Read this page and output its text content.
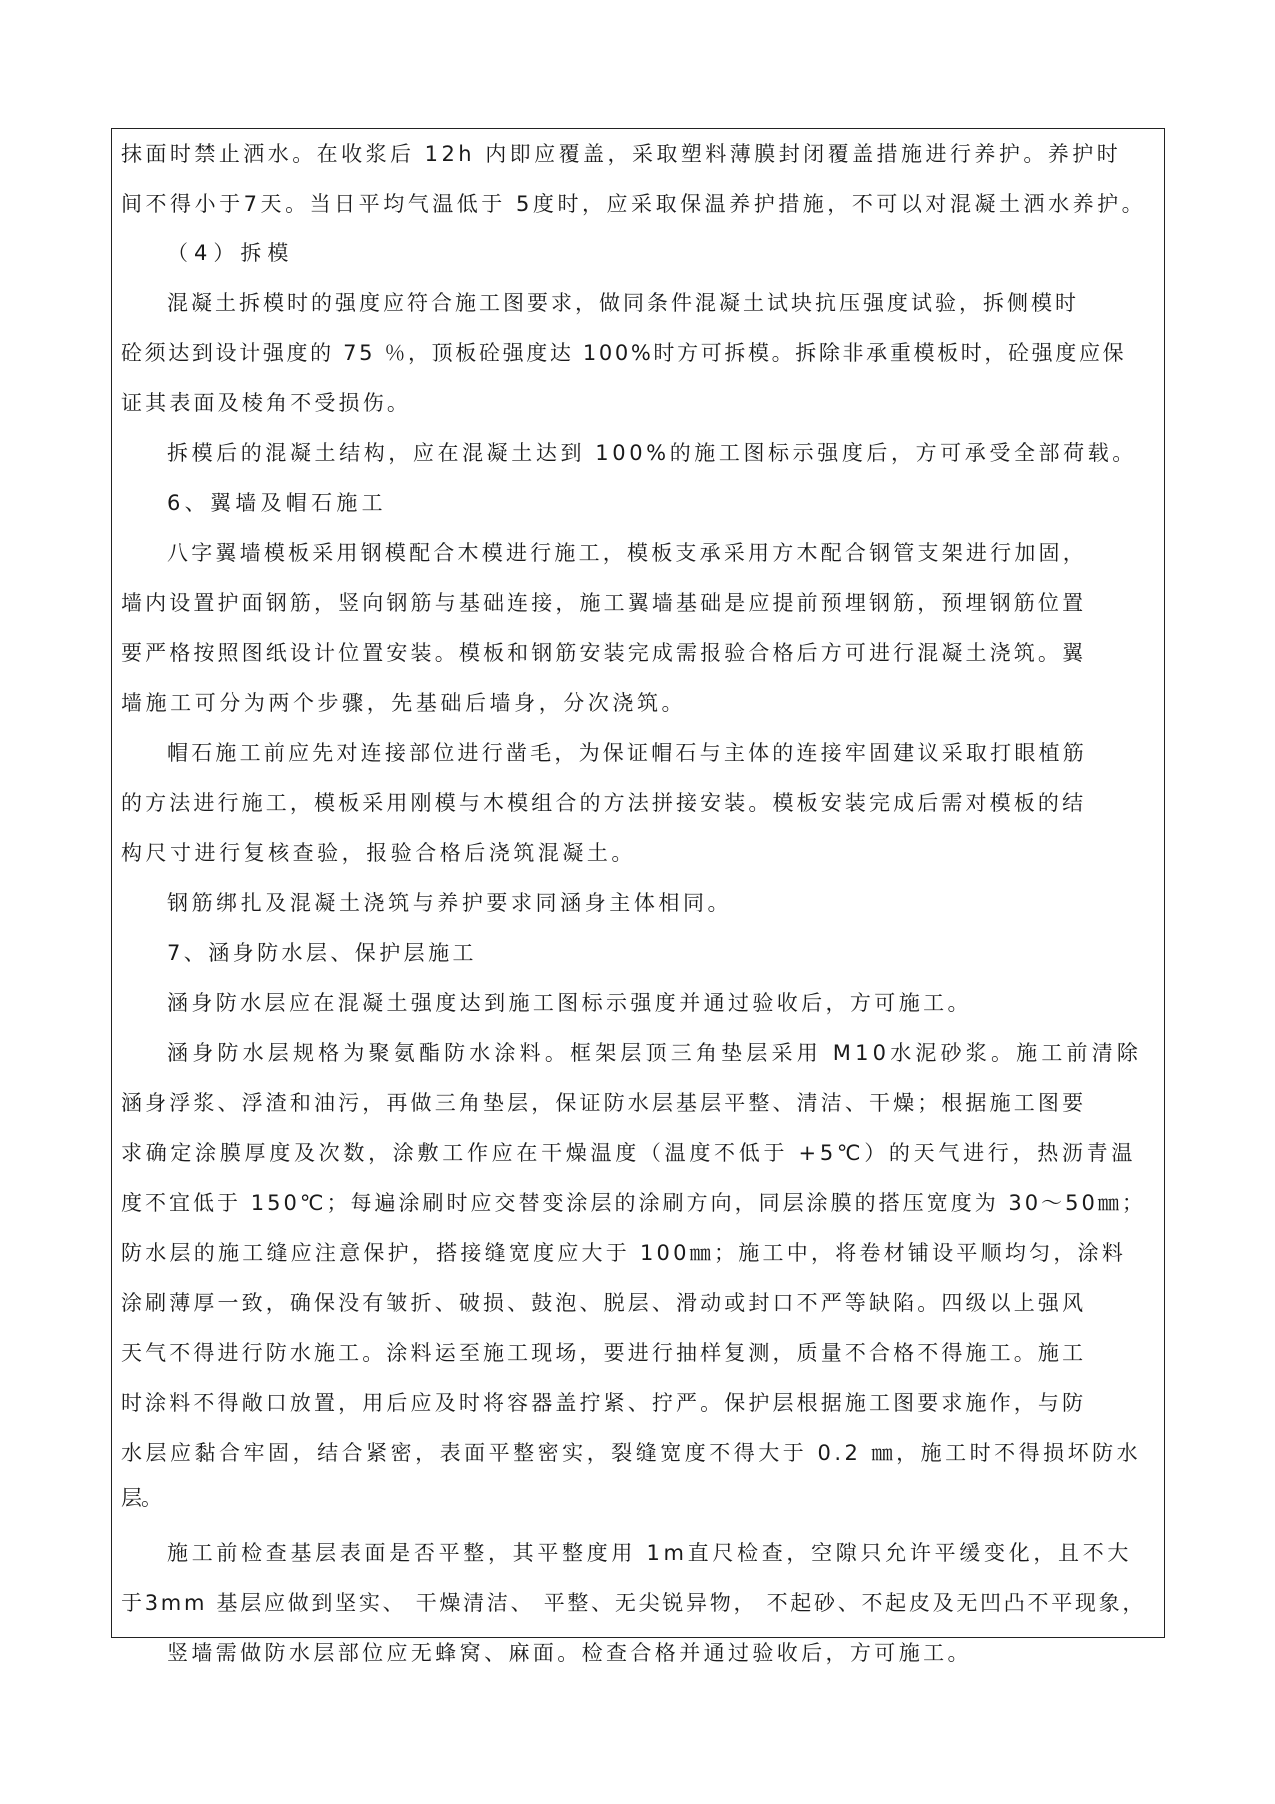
抹面时禁止洒水。在收浆后 12h 内即应覆盖，采取塑料薄膜封闭覆盖措施进行养护。养护时
间不得小于7天。当日平均气温低于 5度时，应采取保温养护措施，不可以对混凝土洒水养护。
（4）拆模
混凝土拆模时的强度应符合施工图要求，做同条件混凝土试块抗压强度试验，拆侧模时
砼须达到设计强度的 75 ％，顶板砼强度达 100%时方可拆模。拆除非承重模板时，砼强度应保
证其表面及棱角不受损伤。
拆模后的混凝土结构，应在混凝土达到 100%的施工图标示强度后，方可承受全部荷载。
6、翼墙及帽石施工
八字翼墙模板采用钢模配合木模进行施工，模板支承采用方木配合钢管支架进行加固，
墙内设置护面钢筋，竖向钢筋与基础连接，施工翼墙基础是应提前预埋钢筋，预埋钢筋位置
要严格按照图纸设计位置安装。模板和钢筋安装完成需报验合格后方可进行混凝土浇筑。翼
墙施工可分为两个步骤，先基础后墙身，分次浇筑。
帽石施工前应先对连接部位进行凿毛，为保证帽石与主体的连接牢固建议采取打眼植筋
的方法进行施工，模板采用刚模与木模组合的方法拼接安装。模板安装完成后需对模板的结
构尺寸进行复核查验，报验合格后浇筑混凝土。
钢筋绑扎及混凝土浇筑与养护要求同涵身主体相同。
7、涵身防水层、保护层施工
涵身防水层应在混凝土强度达到施工图标示强度并通过验收后，方可施工。
涵身防水层规格为聚氨酯防水涂料。框架层顶三角垫层采用 M10水泥砂浆。施工前清除
涵身浮浆、浮渣和油污，再做三角垫层，保证防水层基层平整、清洁、干燥；根据施工图要
求确定涂膜厚度及次数，涂敷工作应在干燥温度（温度不低于 +5℃）的天气进行，热沥青温
度不宜低于 150℃；每遍涂刷时应交替变涂层的涂刷方向，同层涂膜的搭压宽度为 30～50㎜；
防水层的施工缝应注意保护，搭接缝宽度应大于 100㎜；施工中，将卷材铺设平顺均匀，涂料
涂刷薄厚一致，确保没有皱折、破损、鼓泡、脱层、滑动或封口不严等缺陷。四级以上强风
天气不得进行防水施工。涂料运至施工现场，要进行抽样复测，质量不合格不得施工。施工
时涂料不得敞口放置，用后应及时将容器盖拧紧、拧严。保护层根据施工图要求施作，与防
水层应黏合牢固，结合紧密，表面平整密实，裂缝宽度不得大于 0.2 ㎜，施工时不得损坏防水
层。
施工前检查基层表面是否平整，其平整度用 1m直尺检查，空隙只允许平缓变化，且不大
于3mm 基层应做到坚实、 干燥清洁、 平整、无尖锐异物， 不起砂、不起皮及无凹凸不平现象，
竖墙需做防水层部位应无蜂窝、麻面。检查合格并通过验收后，方可施工。
